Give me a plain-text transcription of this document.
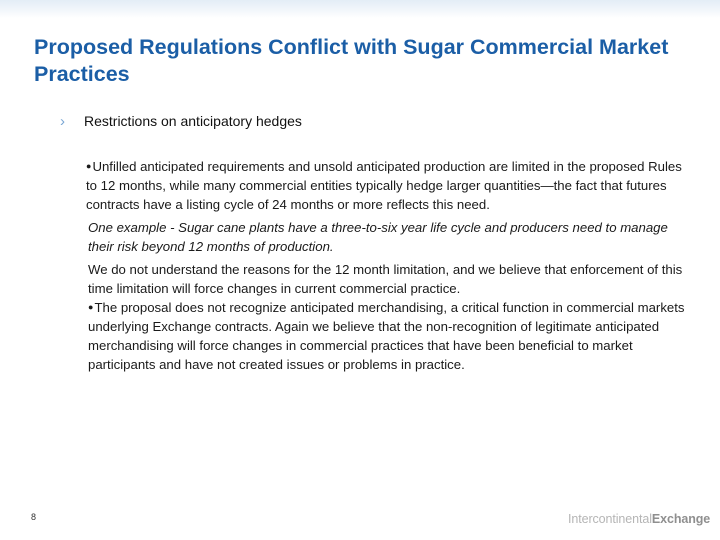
Proposed Regulations Conflict with Sugar Commercial Market Practices
› Restrictions on anticipatory hedges

●Unfilled anticipated requirements and unsold anticipated production are limited in the proposed Rules to 12 months, while many commercial entities typically hedge larger quantities—the fact that futures contracts have a listing cycle of 24 months or more reflects this need.

One example - Sugar cane plants have a three-to-six year life cycle and producers need to manage their risk beyond 12 months of production.

We do not understand the reasons for the 12 month limitation, and we believe that enforcement of this time limitation will force changes in current commercial practice.

●The proposal does not recognize anticipated merchandising, a critical function in commercial markets underlying Exchange contracts. Again we believe that the non-recognition of legitimate anticipated merchandising will force changes in commercial practices that have been beneficial to market participants and have not created issues or problems in practice.

8	IntercontinentalExchange
